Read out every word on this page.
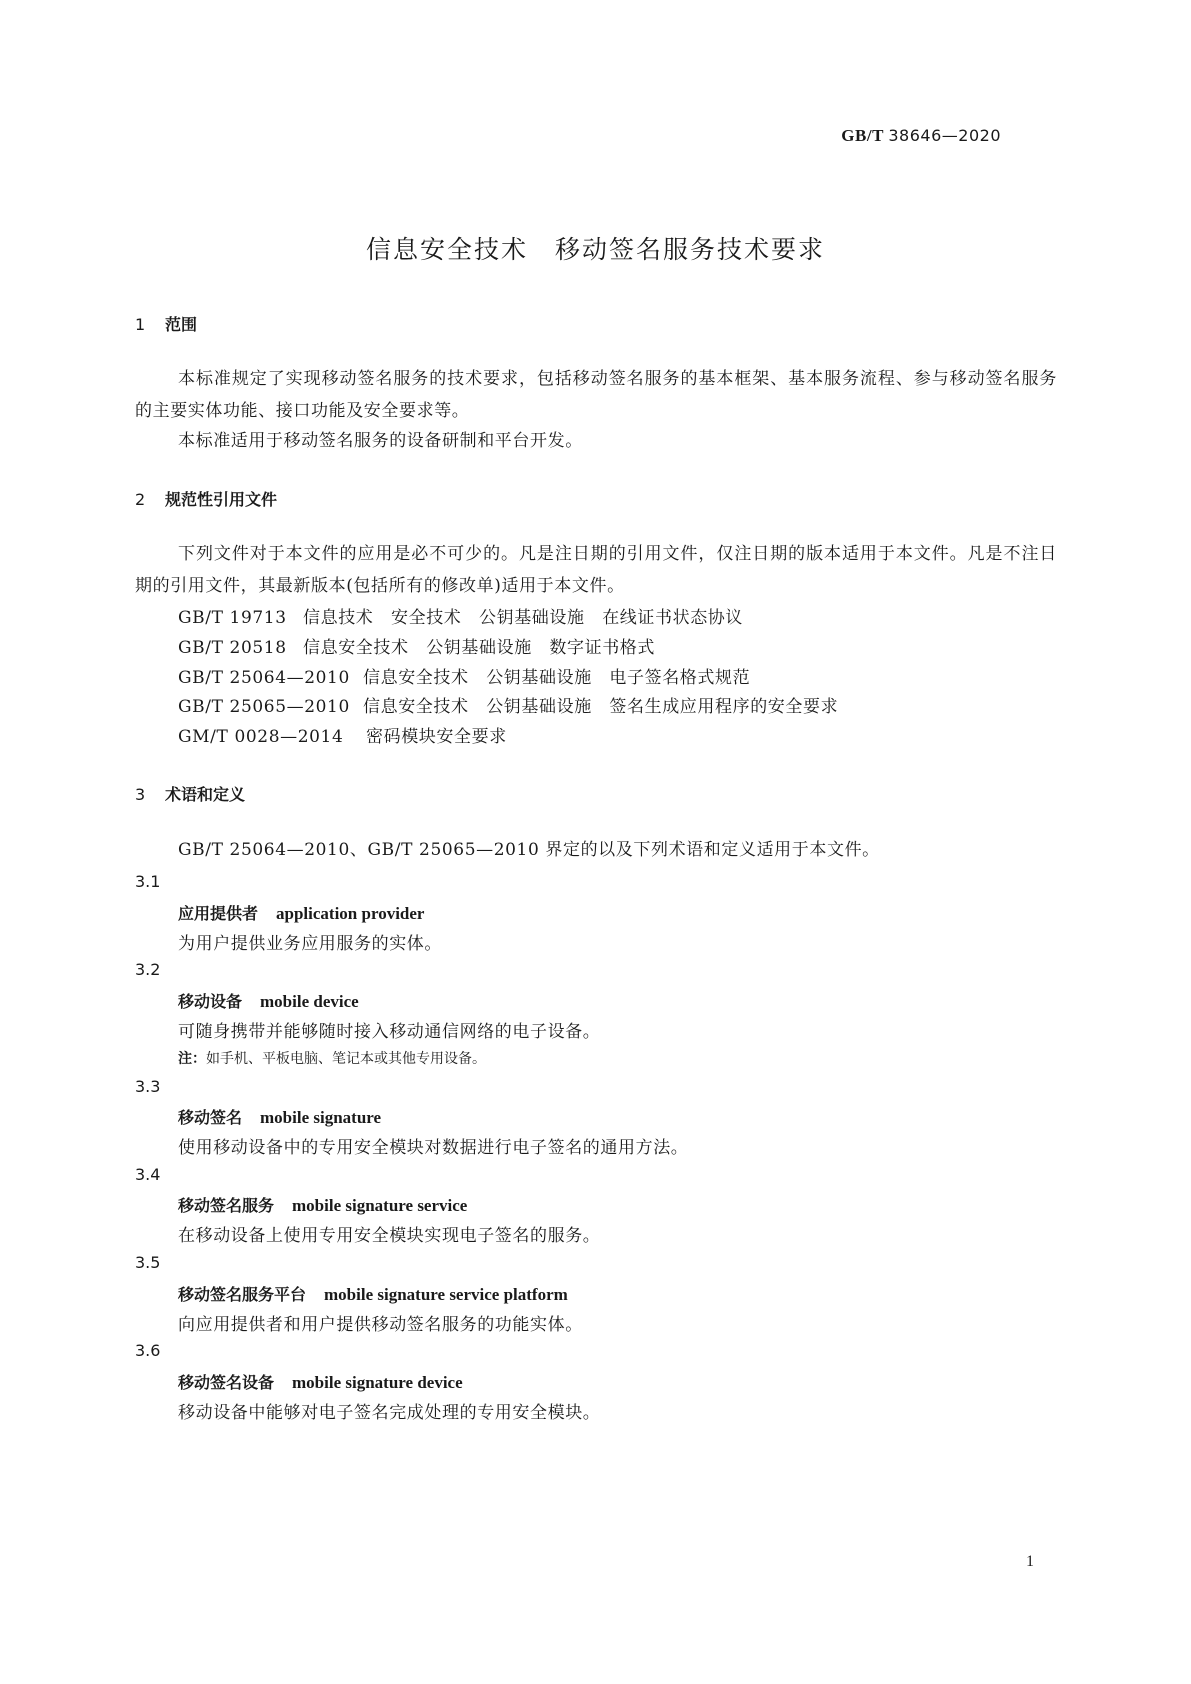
GB/T 38646—2020
信息安全技术　移动签名服务技术要求
1 范围
本标准规定了实现移动签名服务的技术要求，包括移动签名服务的基本框架、基本服务流程、参与移动签名服务的主要实体功能、接口功能及安全要求等。
本标准适用于移动签名服务的设备研制和平台开发。
2 规范性引用文件
下列文件对于本文件的应用是必不可少的。凡是注日期的引用文件，仅注日期的版本适用于本文件。凡是不注日期的引用文件，其最新版本(包括所有的修改单)适用于本文件。
GB/T 19713 信息技术　安全技术　公钥基础设施　在线证书状态协议
GB/T 20518 信息安全技术　公钥基础设施　数字证书格式
GB/T 25064—2010 信息安全技术　公钥基础设施　电子签名格式规范
GB/T 25065—2010 信息安全技术　公钥基础设施　签名生成应用程序的安全要求
GM/T 0028—2014 密码模块安全要求
3 术语和定义
GB/T 25064—2010、GB/T 25065—2010 界定的以及下列术语和定义适用于本文件。
3.1
应用提供者 application provider
为用户提供业务应用服务的实体。
3.2
移动设备 mobile device
可随身携带并能够随时接入移动通信网络的电子设备。
注：如手机、平板电脑、笔记本或其他专用设备。
3.3
移动签名 mobile signature
使用移动设备中的专用安全模块对数据进行电子签名的通用方法。
3.4
移动签名服务 mobile signature service
在移动设备上使用专用安全模块实现电子签名的服务。
3.5
移动签名服务平台 mobile signature service platform
向应用提供者和用户提供移动签名服务的功能实体。
3.6
移动签名设备 mobile signature device
移动设备中能够对电子签名完成处理的专用安全模块。
1
